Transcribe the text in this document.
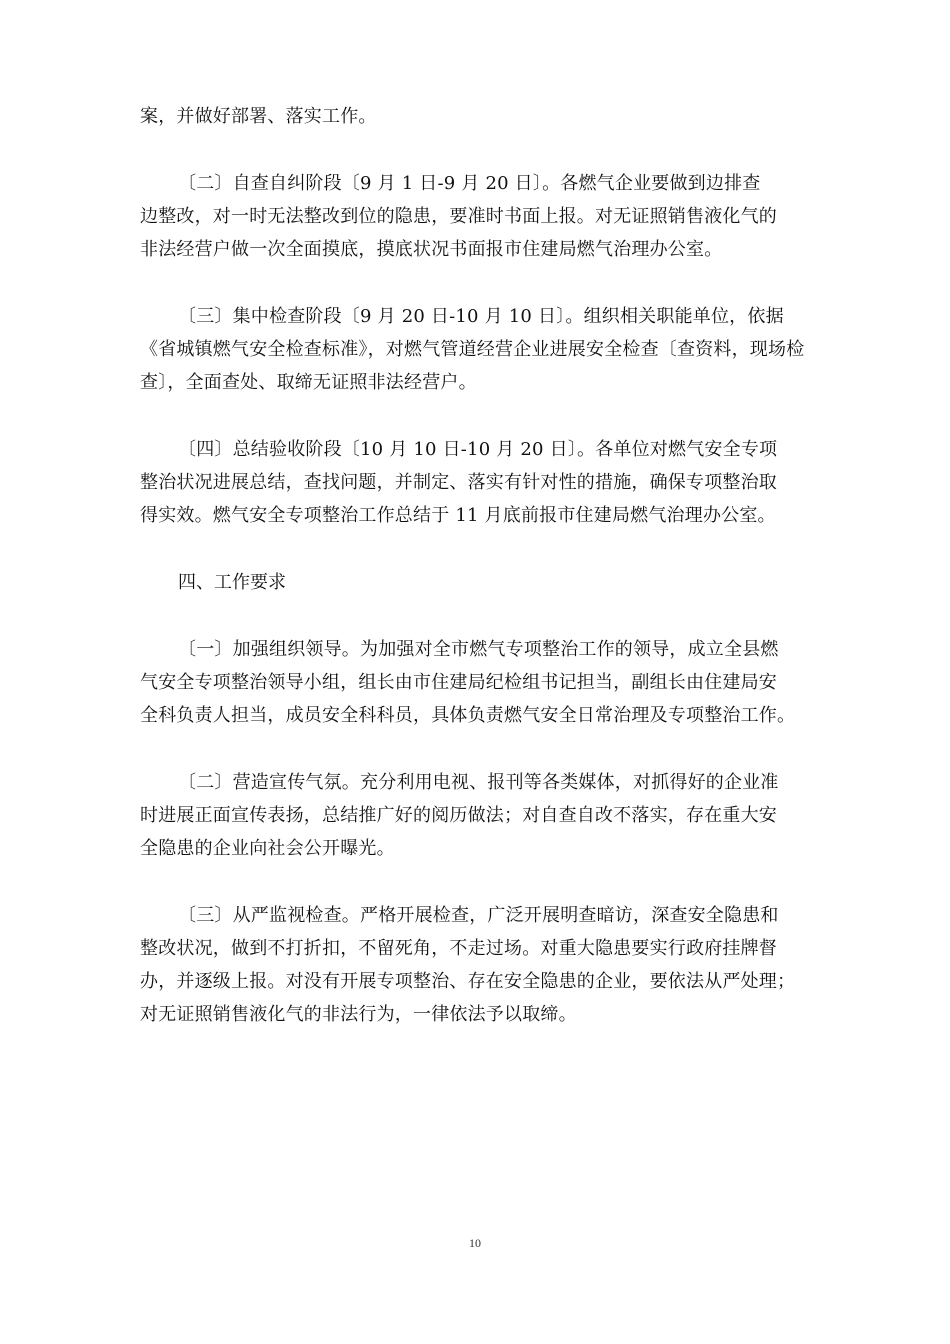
案，并做好部署、落实工作。
〔二〕自查自纠阶段〔9 月 1 日-9 月 20 日〕。各燃气企业要做到边排查
边整改，对一时无法整改到位的隐患，要准时书面上报。对无证照销售液化气的
非法经营户做一次全面摸底，摸底状况书面报市住建局燃气治理办公室。
〔三〕集中检查阶段〔9 月 20 日-10 月 10 日〕。组织相关职能单位，依据
《省城镇燃气安全检查标准》，对燃气管道经营企业进展安全检查〔查资料，现场检
查〕，全面查处、取缔无证照非法经营户。
〔四〕总结验收阶段〔10 月 10 日-10 月 20 日〕。各单位对燃气安全专项
整治状况进展总结，查找问题，并制定、落实有针对性的措施，确保专项整治取
得实效。燃气安全专项整治工作总结于 11 月底前报市住建局燃气治理办公室。
四、工作要求
〔一〕加强组织领导。为加强对全市燃气专项整治工作的领导，成立全县燃
气安全专项整治领导小组，组长由市住建局纪检组书记担当，副组长由住建局安
全科负责人担当，成员安全科科员，具体负责燃气安全日常治理及专项整治工作。
〔二〕营造宣传气氛。充分利用电视、报刊等各类媒体，对抓得好的企业准
时进展正面宣传表扬，总结推广好的阅历做法；对自查自改不落实，存在重大安
全隐患的企业向社会公开曝光。
〔三〕从严监视检查。严格开展检查，广泛开展明查暗访，深查安全隐患和
整改状况，做到不打折扣，不留死角，不走过场。对重大隐患要实行政府挂牌督
办，并逐级上报。对没有开展专项整治、存在安全隐患的企业，要依法从严处理；
对无证照销售液化气的非法行为，一律依法予以取缔。
10
